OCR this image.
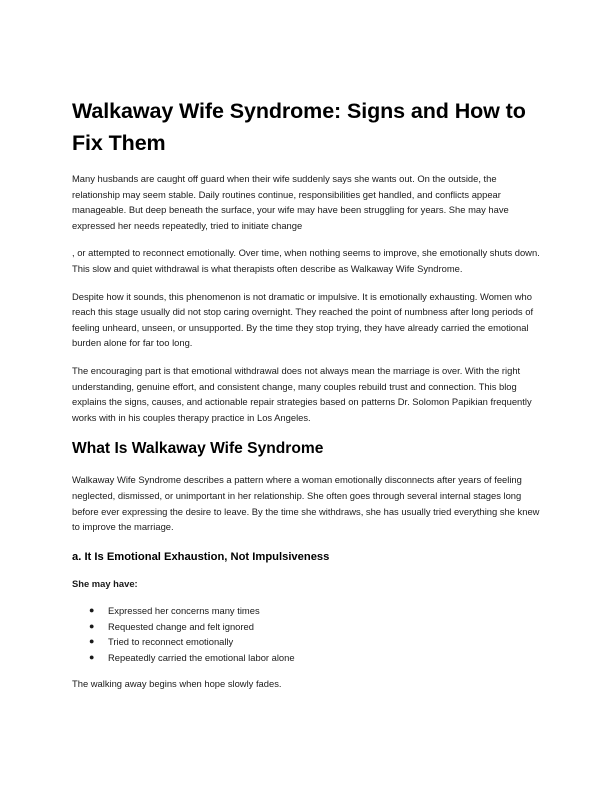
Walkaway Wife Syndrome: Signs and How to Fix Them

Many husbands are caught off guard when their wife suddenly says she wants out. On the outside, the relationship may seem stable. Daily routines continue, responsibilities get handled, and conflicts appear manageable. But deep beneath the surface, your wife may have been struggling for years. She may have expressed her needs repeatedly, tried to initiate change

, or attempted to reconnect emotionally. Over time, when nothing seems to improve, she emotionally shuts down. This slow and quiet withdrawal is what therapists often describe as Walkaway Wife Syndrome.

Despite how it sounds, this phenomenon is not dramatic or impulsive. It is emotionally exhausting. Women who reach this stage usually did not stop caring overnight. They reached the point of numbness after long periods of feeling unheard, unseen, or unsupported. By the time they stop trying, they have already carried the emotional burden alone for far too long.

The encouraging part is that emotional withdrawal does not always mean the marriage is over. With the right understanding, genuine effort, and consistent change, many couples rebuild trust and connection. This blog explains the signs, causes, and actionable repair strategies based on patterns Dr. Solomon Papikian frequently works with in his couples therapy practice in Los Angeles.

What Is Walkaway Wife Syndrome

Walkaway Wife Syndrome describes a pattern where a woman emotionally disconnects after years of feeling neglected, dismissed, or unimportant in her relationship. She often goes through several internal stages long before ever expressing the desire to leave. By the time she withdraws, she has usually tried everything she knew to improve the marriage.

a. It Is Emotional Exhaustion, Not Impulsiveness

She may have:

● Expressed her concerns many times
● Requested change and felt ignored
● Tried to reconnect emotionally
● Repeatedly carried the emotional labor alone

The walking away begins when hope slowly fades.
